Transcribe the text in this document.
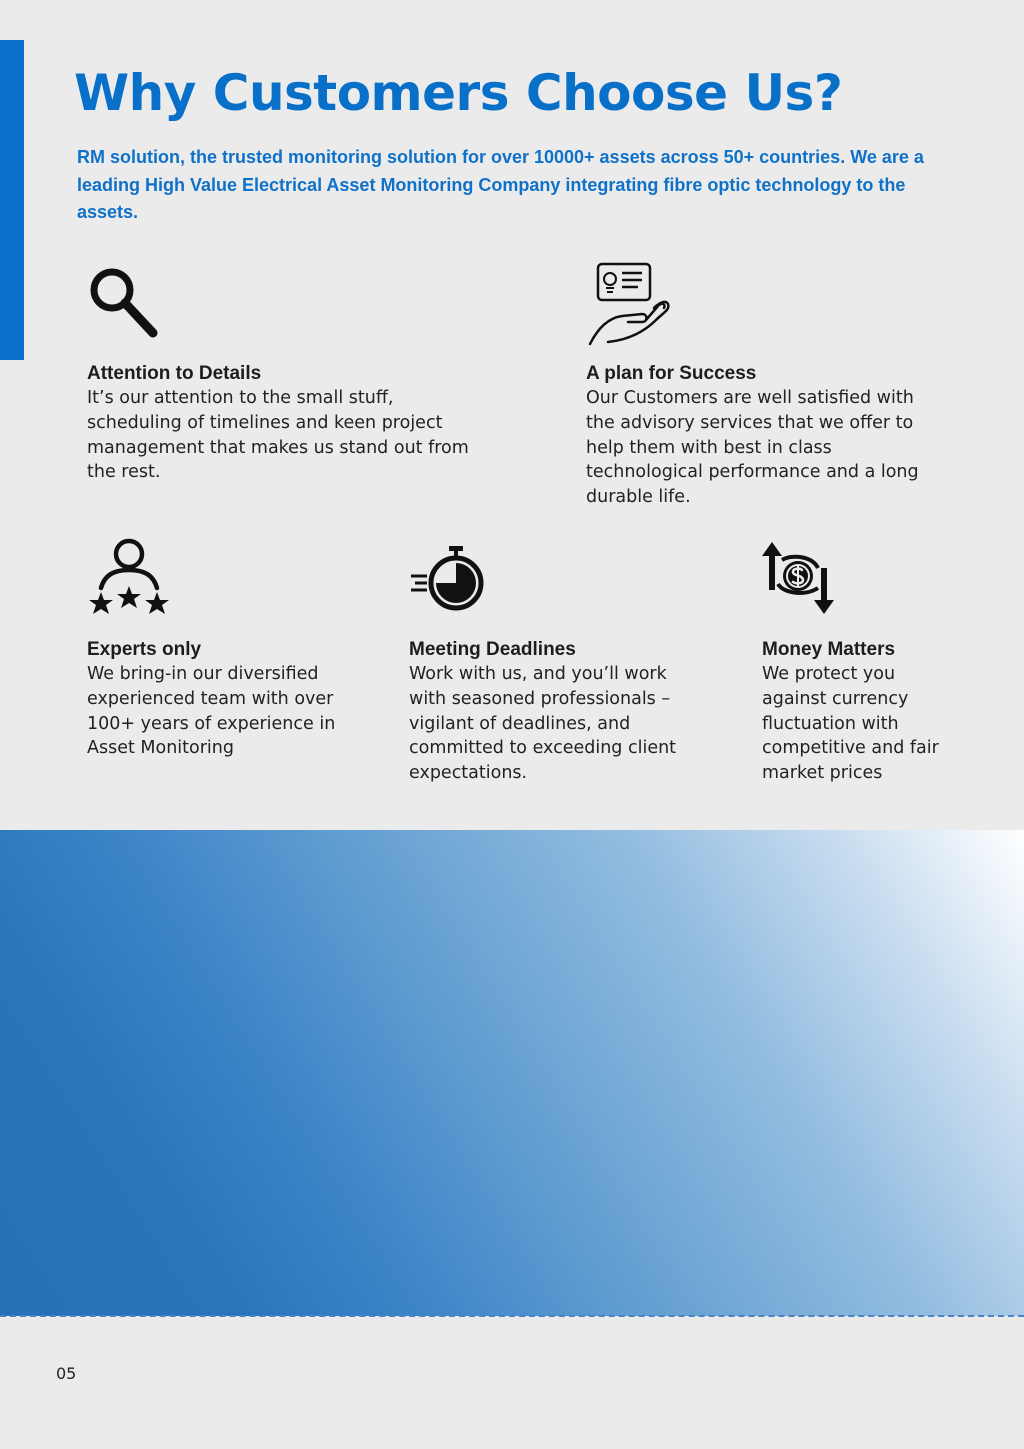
Why Customers Choose Us?

RM solution, the trusted monitoring solution for over 10000+ assets across 50+ countries. We are a leading High Value Electrical Asset Monitoring Company integrating fibre optic technology to the assets.

Attention to Details

It’s our attention to the small stuff, scheduling of timelines and keen project management that makes us stand out from the rest.

A plan for Success

Our Customers are well satisfied with the advisory services that we offer to help them with best in class technological performance and a long durable life.

Experts only

We bring-in our diversified experienced team with over 100+ years of experience in Asset Monitoring

Meeting Deadlines

Work with us, and you’ll work with seasoned professionals – vigilant of deadlines, and committed to exceeding client expectations.

Money Matters

We protect you against currency fluctuation with competitive and fair market prices

05
